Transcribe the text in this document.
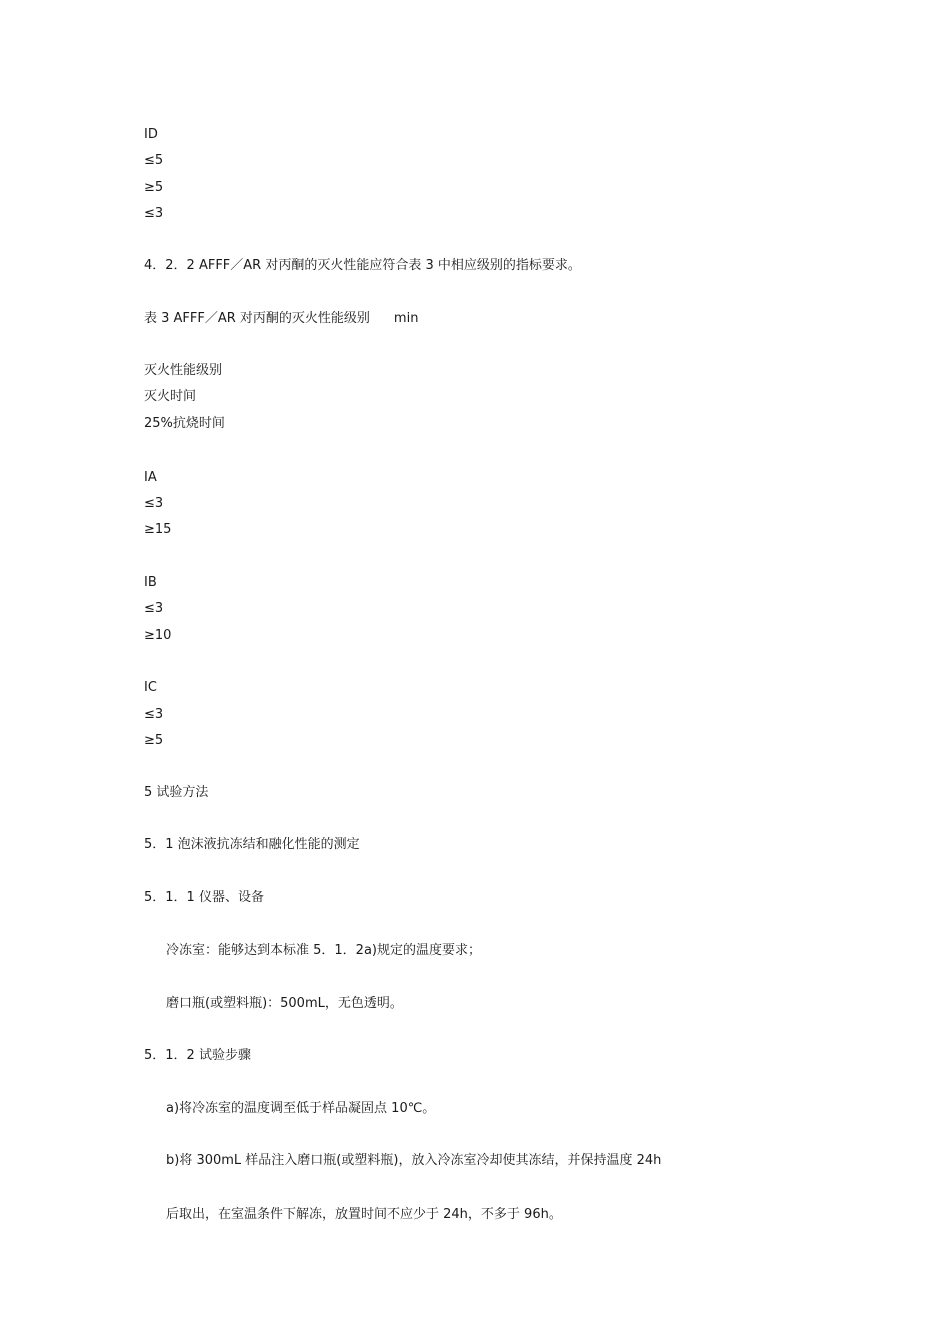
ID
≤5
≥5
≤3
4．2．2 AFFF／AR 对丙酮的灭火性能应符合表 3 中相应级别的指标要求。
表 3 AFFF／AR 对丙酮的灭火性能级别 min
灭火性能级别
灭火时间
25%抗烧时间
IA
≤3
≥15
IB
≤3
≥10
IC
≤3
≥5
5 试验方法
5．1 泡沫液抗冻结和融化性能的测定
5．1．1 仪器、设备
冷冻室：能够达到本标准 5．1．2a)规定的温度要求；
磨口瓶(或塑料瓶)：500mL，无色透明。
5．1．2 试验步骤
a)将冷冻室的温度调至低于样品凝固点 10℃。
b)将 300mL 样品注入磨口瓶(或塑料瓶)，放入冷冻室冷却使其冻结，并保持温度 24h
后取出，在室温条件下解冻，放置时间不应少于 24h，不多于 96h。
